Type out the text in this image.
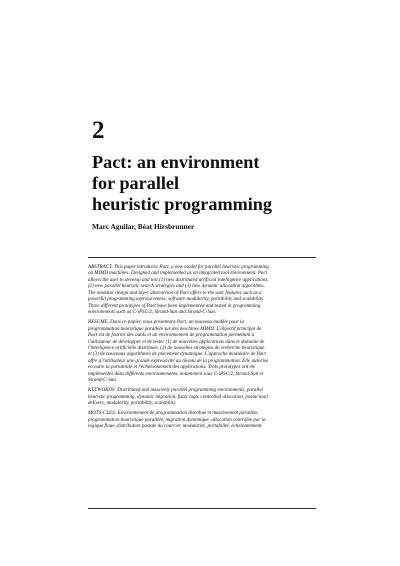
2
Pact: an environment
for parallel
heuristic programming
Marc Aguilar, Béat Hirsbrunner
ABSTRACT. This paper introduces Pact, a new model for parallel heuristic programming
on MIMD machines. Designed and implemented as an integrated tool environment, Pact
allows the user to develop and test (1) new distributed artificial intelligence applications,
(2) new parallel heuristic search strategies and (3) new dynamic allocation algorithms.
The modular design and layer abstraction of Pact offers to the user features such as a
powerful programming expressiveness, software modularity, portability and scalability.
Three different prototypes of Pact have been implemented and tested in programming
environments such as C-iPSC/2, Strand-Sun and Strand-C-Sun.
RÉSUMÉ. Dans ce papier, nous présentons Pact, un nouveau modèle pour la
programmation heuristique parallèle sur des machines MIMD. L'objectif principal de
Pact est de fournir des outils et un environnement de programmation permettant à
l'utilisateur de développer et de tester (1) de nouvelles applications dans le domaine de
l'intelligence artificielle distribuée, (2) de nouvelles stratégies de recherche heuristique
et (3) de nouveaux algorithmes de placement dynamique. L'approche modulaire de Pact
offre à l'utilisateur une grande expressivité au niveau de la programmation. Elle autorise
en outre la portabilité et l'échelonnement des applications. Trois prototypes ont été
implémentés dans différents environnements, notamment sous C-iPSC/2, Strand-Sun et
Strand-C-Sun.
KEYWORDS: Distributed and massively parallel programming environments, parallel
heuristic programming, dynamic migration, fuzzy logic controlled allocation, postal mail
delivery, modularity, portability, scalability.
MOTS-CLÉS: Environnement de programmation distribué et massivement parallèle,
programmation heuristique parallèle, migration dynamique, allocation contrôlée par la
logique floue, distribution postale du courrier, modularité, portabilité, échelonnement.
